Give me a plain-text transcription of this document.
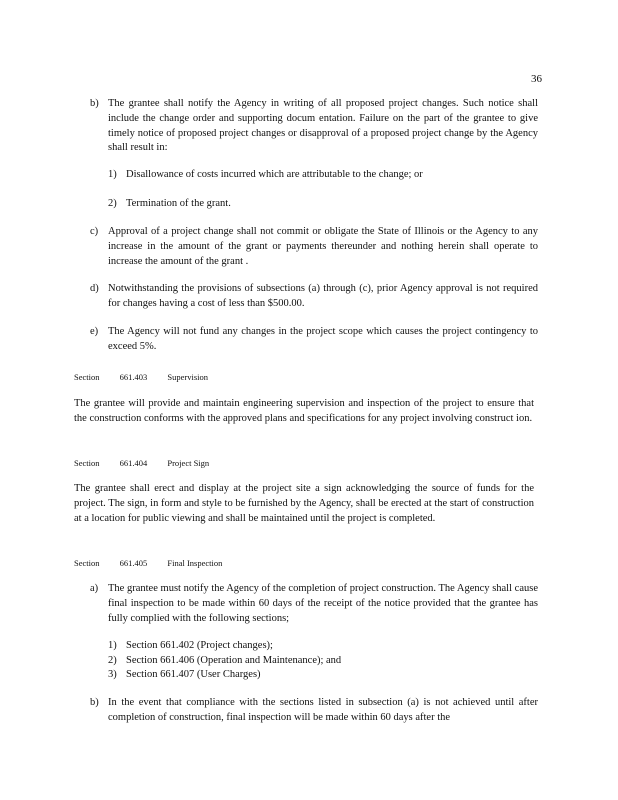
36
b) The grantee shall notify the Agency in writing of all proposed project changes. Such notice shall include the change order and supporting docum entation. Failure on the part of the grantee to give timely notice of proposed project changes or disapproval of a proposed project change by the Agency shall result in:
1) Disallowance of costs incurred which are attributable to the change; or
2) Termination of the grant.
c) Approval of a project change shall not commit or obligate the State of Illinois or the Agency to any increase in the amount of the grant or payments thereunder and nothing herein shall operate to increase the amount of the grant .
d) Notwithstanding the provisions of subsections (a) through (c), prior Agency approval is not required for changes having a cost of less than $500.00.
e) The Agency will not fund any changes in the project scope which causes the project contingency to exceed 5%.
Section 661.403 Supervision
The grantee will provide and maintain engineering supervision and inspection of the project to ensure that the construction conforms with the approved plans and specifications for any project involving construct ion.
Section 661.404 Project Sign
The grantee shall erect and display at the project site a sign acknowledging the source of funds for the project. The sign, in form and style to be furnished by the Agency, shall be erected at the start of construction at a location for public viewing and shall be maintained until the project is completed.
Section 661.405 Final Inspection
a) The grantee must notify the Agency of the completion of project construction. The Agency shall cause final inspection to be made within 60 days of the receipt of the notice provided that the grantee has fully complied with the following sections;
1) Section 661.402 (Project changes);
2) Section 661.406 (Operation and Maintenance); and
3) Section 661.407 (User Charges)
b) In the event that compliance with the sections listed in subsection (a) is not achieved until after completion of construction, final inspection will be made within 60 days after the
